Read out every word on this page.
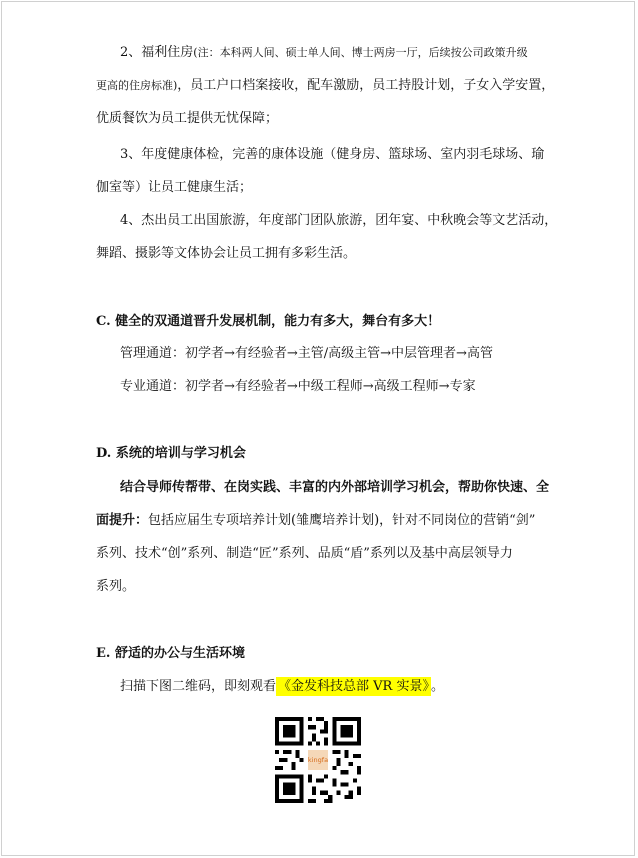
2、福利住房(注：本科两人间、硕士单人间、博士两房一厅，后续按公司政策升级
更高的住房标准)，员工户口档案接收，配车激励，员工持股计划，子女入学安置，
优质餐饮为员工提供无忧保障；
3、年度健康体检，完善的康体设施（健身房、篮球场、室内羽毛球场、瑜
伽室等）让员工健康生活；
4、杰出员工出国旅游，年度部门团队旅游，团年宴、中秋晚会等文艺活动，
舞蹈、摄影等文体协会让员工拥有多彩生活。
C. 健全的双通道晋升发展机制，能力有多大，舞台有多大！
管理通道：初学者→有经验者→主管/高级主管→中层管理者→高管
专业通道：初学者→有经验者→中级工程师→高级工程师→专家
D. 系统的培训与学习机会
结合导师传帮带、在岗实践、丰富的内外部培训学习机会，帮助你快速、全
面提升：包括应届生专项培养计划(雏鹰培养计划)，针对不同岗位的营销“剑”
系列、技术“创”系列、制造“匠”系列、品质“盾”系列以及基中高层领导力
系列。
E. 舒适的办公与生活环境
扫描下图二维码，即刻观看 《金发科技总部 VR 实景》 。
kingfa
